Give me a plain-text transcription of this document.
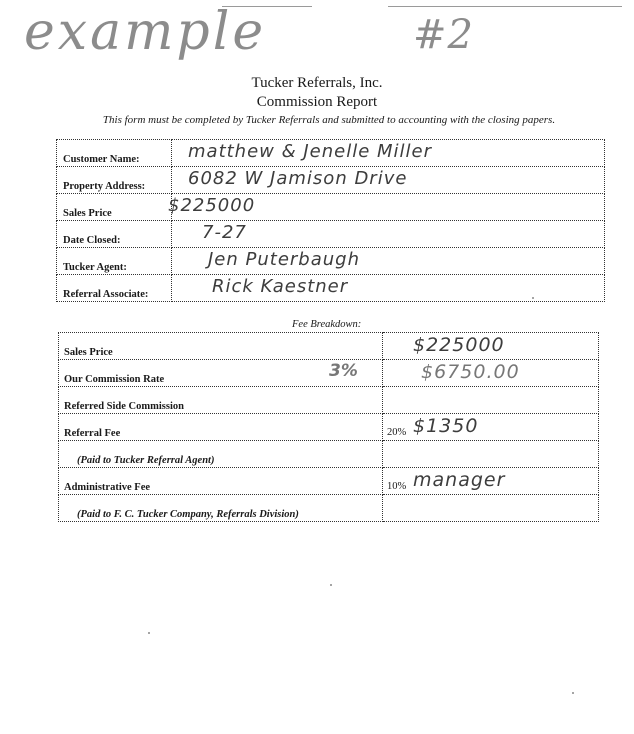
example	#2
Tucker Referrals, Inc.
Commission Report
This form must be completed by Tucker Referrals and submitted to accounting with the closing papers.
Customer Name:	matthew & Jenelle Miller

Property Address:	6082 W Jamison Drive

Sales Price	$225000

Date Closed:	7-27

Tucker Agent:	Jen Puterbaugh

Referral Associate:	Rick Kaestner
Fee Breakdown:
Sales Price	$225000

Our Commission Rate 3%	$6750.00

Referred Side Commission	
Referral Fee	20% $1350

(Paid to Tucker Referral Agent)	
Administrative Fee	10% manager

(Paid to F. C. Tucker Company, Referrals Division)	
